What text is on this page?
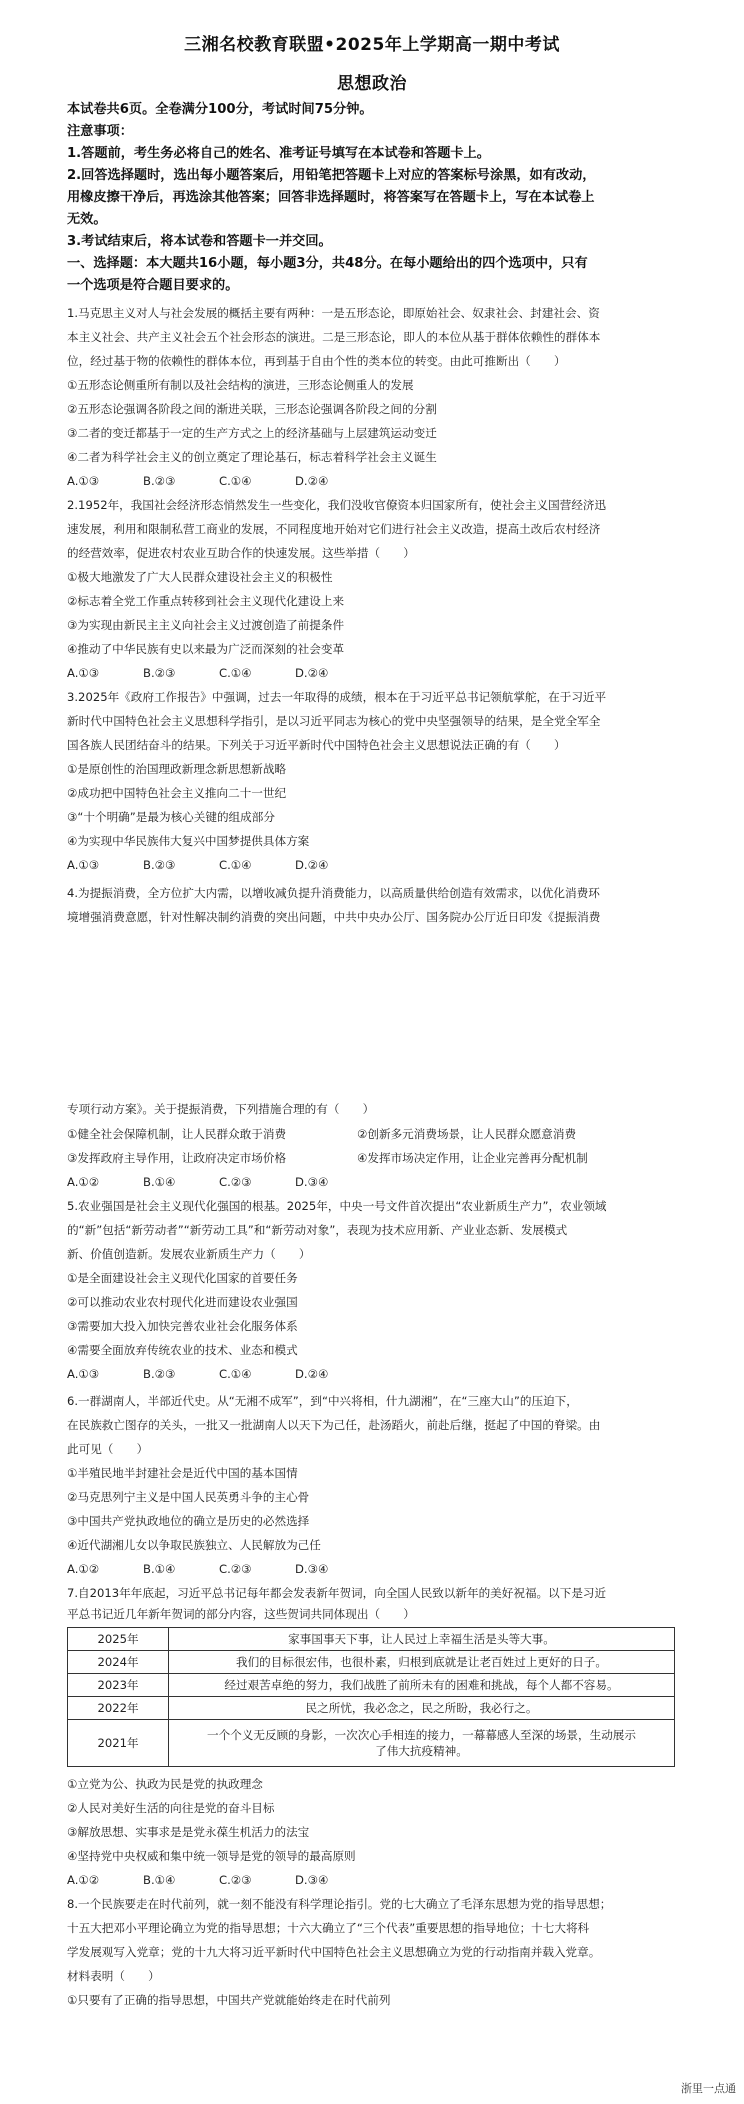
三湘名校教育联盟•2025年上学期高一期中考试
思想政治
本试卷共6页。全卷满分100分，考试时间75分钟。
注意事项：
1.答题前，考生务必将自己的姓名、准考证号填写在本试卷和答题卡上。
2.回答选择题时，选出每小题答案后，用铅笔把答题卡上对应的答案标号涂黑，如有改动，
用橡皮擦干净后，再选涂其他答案；回答非选择题时，将答案写在答题卡上，写在本试卷上
无效。
3.考试结束后，将本试卷和答题卡一并交回。
一、选择题：本大题共16小题，每小题3分，共48分。在每小题给出的四个选项中，只有
一个选项是符合题目要求的。
1.马克思主义对人与社会发展的概括主要有两种：一是五形态论，即原始社会、奴隶社会、封建社会、资
本主义社会、共产主义社会五个社会形态的演进。二是三形态论，即人的本位从基于群体依赖性的群体本
位，经过基于物的依赖性的群体本位，再到基于自由个性的类本位的转变。由此可推断出（　　）
①五形态论侧重所有制以及社会结构的演进，三形态论侧重人的发展
②五形态论强调各阶段之间的渐进关联，三形态论强调各阶段之间的分割
③二者的变迁都基于一定的生产方式之上的经济基础与上层建筑运动变迁
④二者为科学社会主义的创立奠定了理论基石，标志着科学社会主义诞生
A.①③	B.②③	C.①④	D.②④
2.1952年，我国社会经济形态悄然发生一些变化，我们没收官僚资本归国家所有，使社会主义国营经济迅
速发展，利用和限制私营工商业的发展，不同程度地开始对它们进行社会主义改造，提高土改后农村经济
的经营效率，促进农村农业互助合作的快速发展。这些举措（　　）
①极大地激发了广大人民群众建设社会主义的积极性
②标志着全党工作重点转移到社会主义现代化建设上来
③为实现由新民主主义向社会主义过渡创造了前提条件
④推动了中华民族有史以来最为广泛而深刻的社会变革
A.①③	B.②③	C.①④	D.②④
3.2025年《政府工作报告》中强调，过去一年取得的成绩，根本在于习近平总书记领航掌舵，在于习近平
新时代中国特色社会主义思想科学指引，是以习近平同志为核心的党中央坚强领导的结果，是全党全军全
国各族人民团结奋斗的结果。下列关于习近平新时代中国特色社会主义思想说法正确的有（　　）
①是原创性的治国理政新理念新思想新战略
②成功把中国特色社会主义推向二十一世纪
③“十个明确”是最为核心关键的组成部分
④为实现中华民族伟大复兴中国梦提供具体方案
A.①③	B.②③	C.①④	D.②④
4.为提振消费，全方位扩大内需，以增收减负提升消费能力，以高质量供给创造有效需求，以优化消费环
境增强消费意愿，针对性解决制约消费的突出问题，中共中央办公厅、国务院办公厅近日印发《提振消费
专项行动方案》。关于提振消费，下列措施合理的有（　　）
①健全社会保障机制，让人民群众敢于消费	②创新多元消费场景，让人民群众愿意消费
③发挥政府主导作用，让政府决定市场价格	④发挥市场决定作用，让企业完善再分配机制
A.①②	B.①④	C.②③	D.③④
5.农业强国是社会主义现代化强国的根基。2025年，中央一号文件首次提出“农业新质生产力”，农业领域
的“新”包括“新劳动者”“新劳动工具”和“新劳动对象”，表现为技术应用新、产业业态新、发展模式
新、价值创造新。发展农业新质生产力（　　）
①是全面建设社会主义现代化国家的首要任务
②可以推动农业农村现代化进而建设农业强国
③需要加大投入加快完善农业社会化服务体系
④需要全面放弃传统农业的技术、业态和模式
A.①③	B.②③	C.①④	D.②④
6.一群湖南人，半部近代史。从“无湘不成军”，到“中兴将相，什九湖湘”，在“三座大山”的压迫下，
在民族救亡图存的关头，一批又一批湖南人以天下为己任，赴汤蹈火，前赴后继，挺起了中国的脊梁。由
此可见（　　）
①半殖民地半封建社会是近代中国的基本国情
②马克思列宁主义是中国人民英勇斗争的主心骨
③中国共产党执政地位的确立是历史的必然选择
④近代湖湘儿女以争取民族独立、人民解放为己任
A.①②	B.①④	C.②③	D.③④
7.自2013年年底起，习近平总书记每年都会发表新年贺词，向全国人民致以新年的美好祝福。以下是习近
平总书记近几年新年贺词的部分内容，这些贺词共同体现出（　　）
2025年	家事国事天下事，让人民过上幸福生活是头等大事。
2024年	我们的目标很宏伟，也很朴素，归根到底就是让老百姓过上更好的日子。
2023年	经过艰苦卓绝的努力，我们战胜了前所未有的困难和挑战，每个人都不容易。
2022年	民之所忧，我必念之，民之所盼，我必行之。
2021年	一个个义无反顾的身影，一次次心手相连的接力，一幕幕感人至深的场景，生动展示
了伟大抗疫精神。
①立党为公、执政为民是党的执政理念
②人民对美好生活的向往是党的奋斗目标
③解放思想、实事求是是党永葆生机活力的法宝
④坚持党中央权威和集中统一领导是党的领导的最高原则
A.①②	B.①④	C.②③	D.③④
8.一个民族要走在时代前列，就一刻不能没有科学理论指引。党的七大确立了毛泽东思想为党的指导思想；
十五大把邓小平理论确立为党的指导思想；十六大确立了“三个代表”重要思想的指导地位；十七大将科
学发展观写入党章；党的十九大将习近平新时代中国特色社会主义思想确立为党的行动指南并载入党章。
材料表明（　　）
①只要有了正确的指导思想，中国共产党就能始终走在时代前列
浙里一点通
